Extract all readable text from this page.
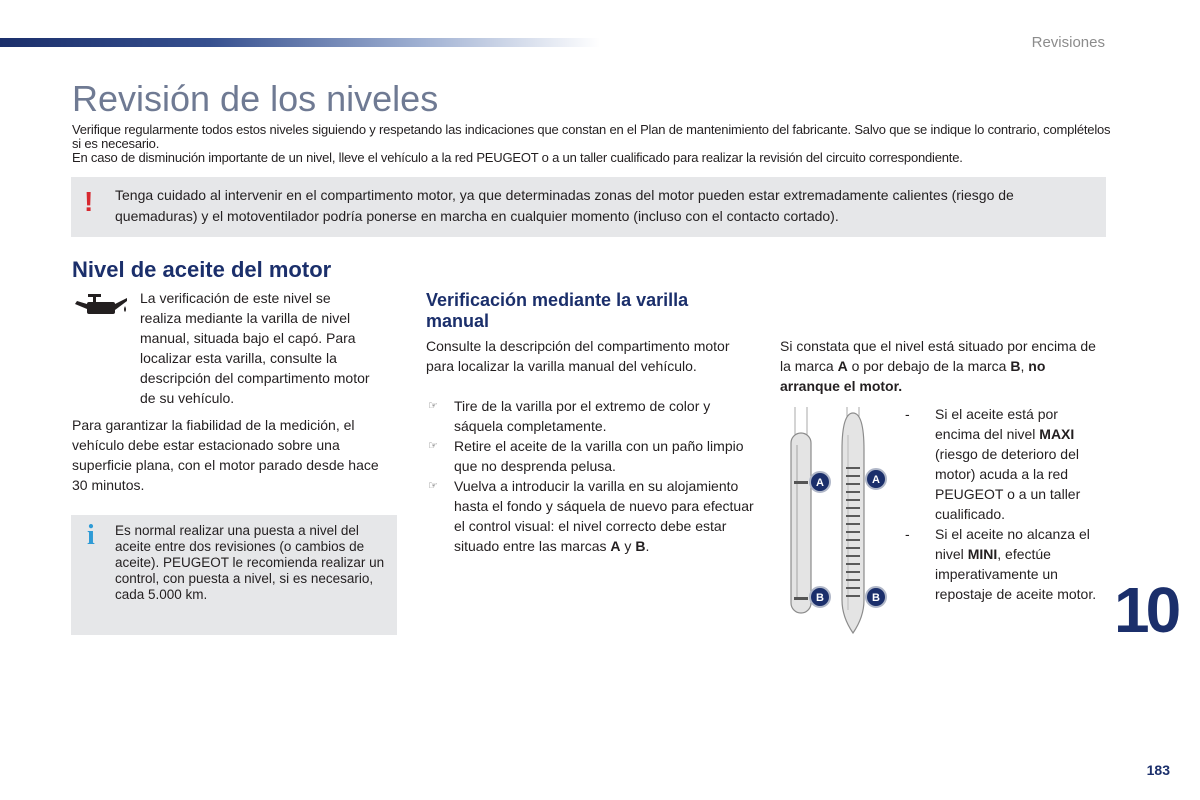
Revisiones
Revisión de los niveles

Verifique regularmente todos estos niveles siguiendo y respetando las indicaciones que constan en el Plan de mantenimiento del fabricante. Salvo que se indique lo contrario, complételos si es necesario.

En caso de disminución importante de un nivel, lleve el vehículo a la red PEUGEOT o a un taller cualificado para realizar la revisión del circuito correspondiente.

! Tenga cuidado al intervenir en el compartimento motor, ya que determinadas zonas del motor pueden estar extremadamente calientes (riesgo de quemaduras) y el motoventilador podría ponerse en marcha en cualquier momento (incluso con el contacto cortado).
Nivel de aceite del motor

La verificación de este nivel se realiza mediante la varilla de nivel manual, situada bajo el capó. Para localizar esta varilla, consulte la descripción del compartimento motor de su vehículo.

Para garantizar la fiabilidad de la medición, el vehículo debe estar estacionado sobre una superficie plana, con el motor parado desde hace 30 minutos.

i Es normal realizar una puesta a nivel del aceite entre dos revisiones (o cambios de aceite). PEUGEOT le recomienda realizar un control, con puesta a nivel, si es necesario, cada 5.000 km.
Verificación mediante la varilla manual

Consulte la descripción del compartimento motor para localizar la varilla manual del vehículo.

☞ Tire de la varilla por el extremo de color y sáquela completamente.
☞ Retire el aceite de la varilla con un paño limpio que no desprenda pelusa.
☞ Vuelva a introducir la varilla en su alojamiento hasta el fondo y sáquela de nuevo para efectuar el control visual: el nivel correcto debe estar situado entre las marcas A y B.

Si constata que el nivel está situado por encima de la marca A o por debajo de la marca B, no arranque el motor.

A
B
A
B
- Si el aceite está por encima del nivel MAXI (riesgo de deterioro del motor) acuda a la red PEUGEOT o a un taller cualificado.
- Si el aceite no alcanza el nivel MINI, efectúe imperativamente un repostaje de aceite motor. 10
183
